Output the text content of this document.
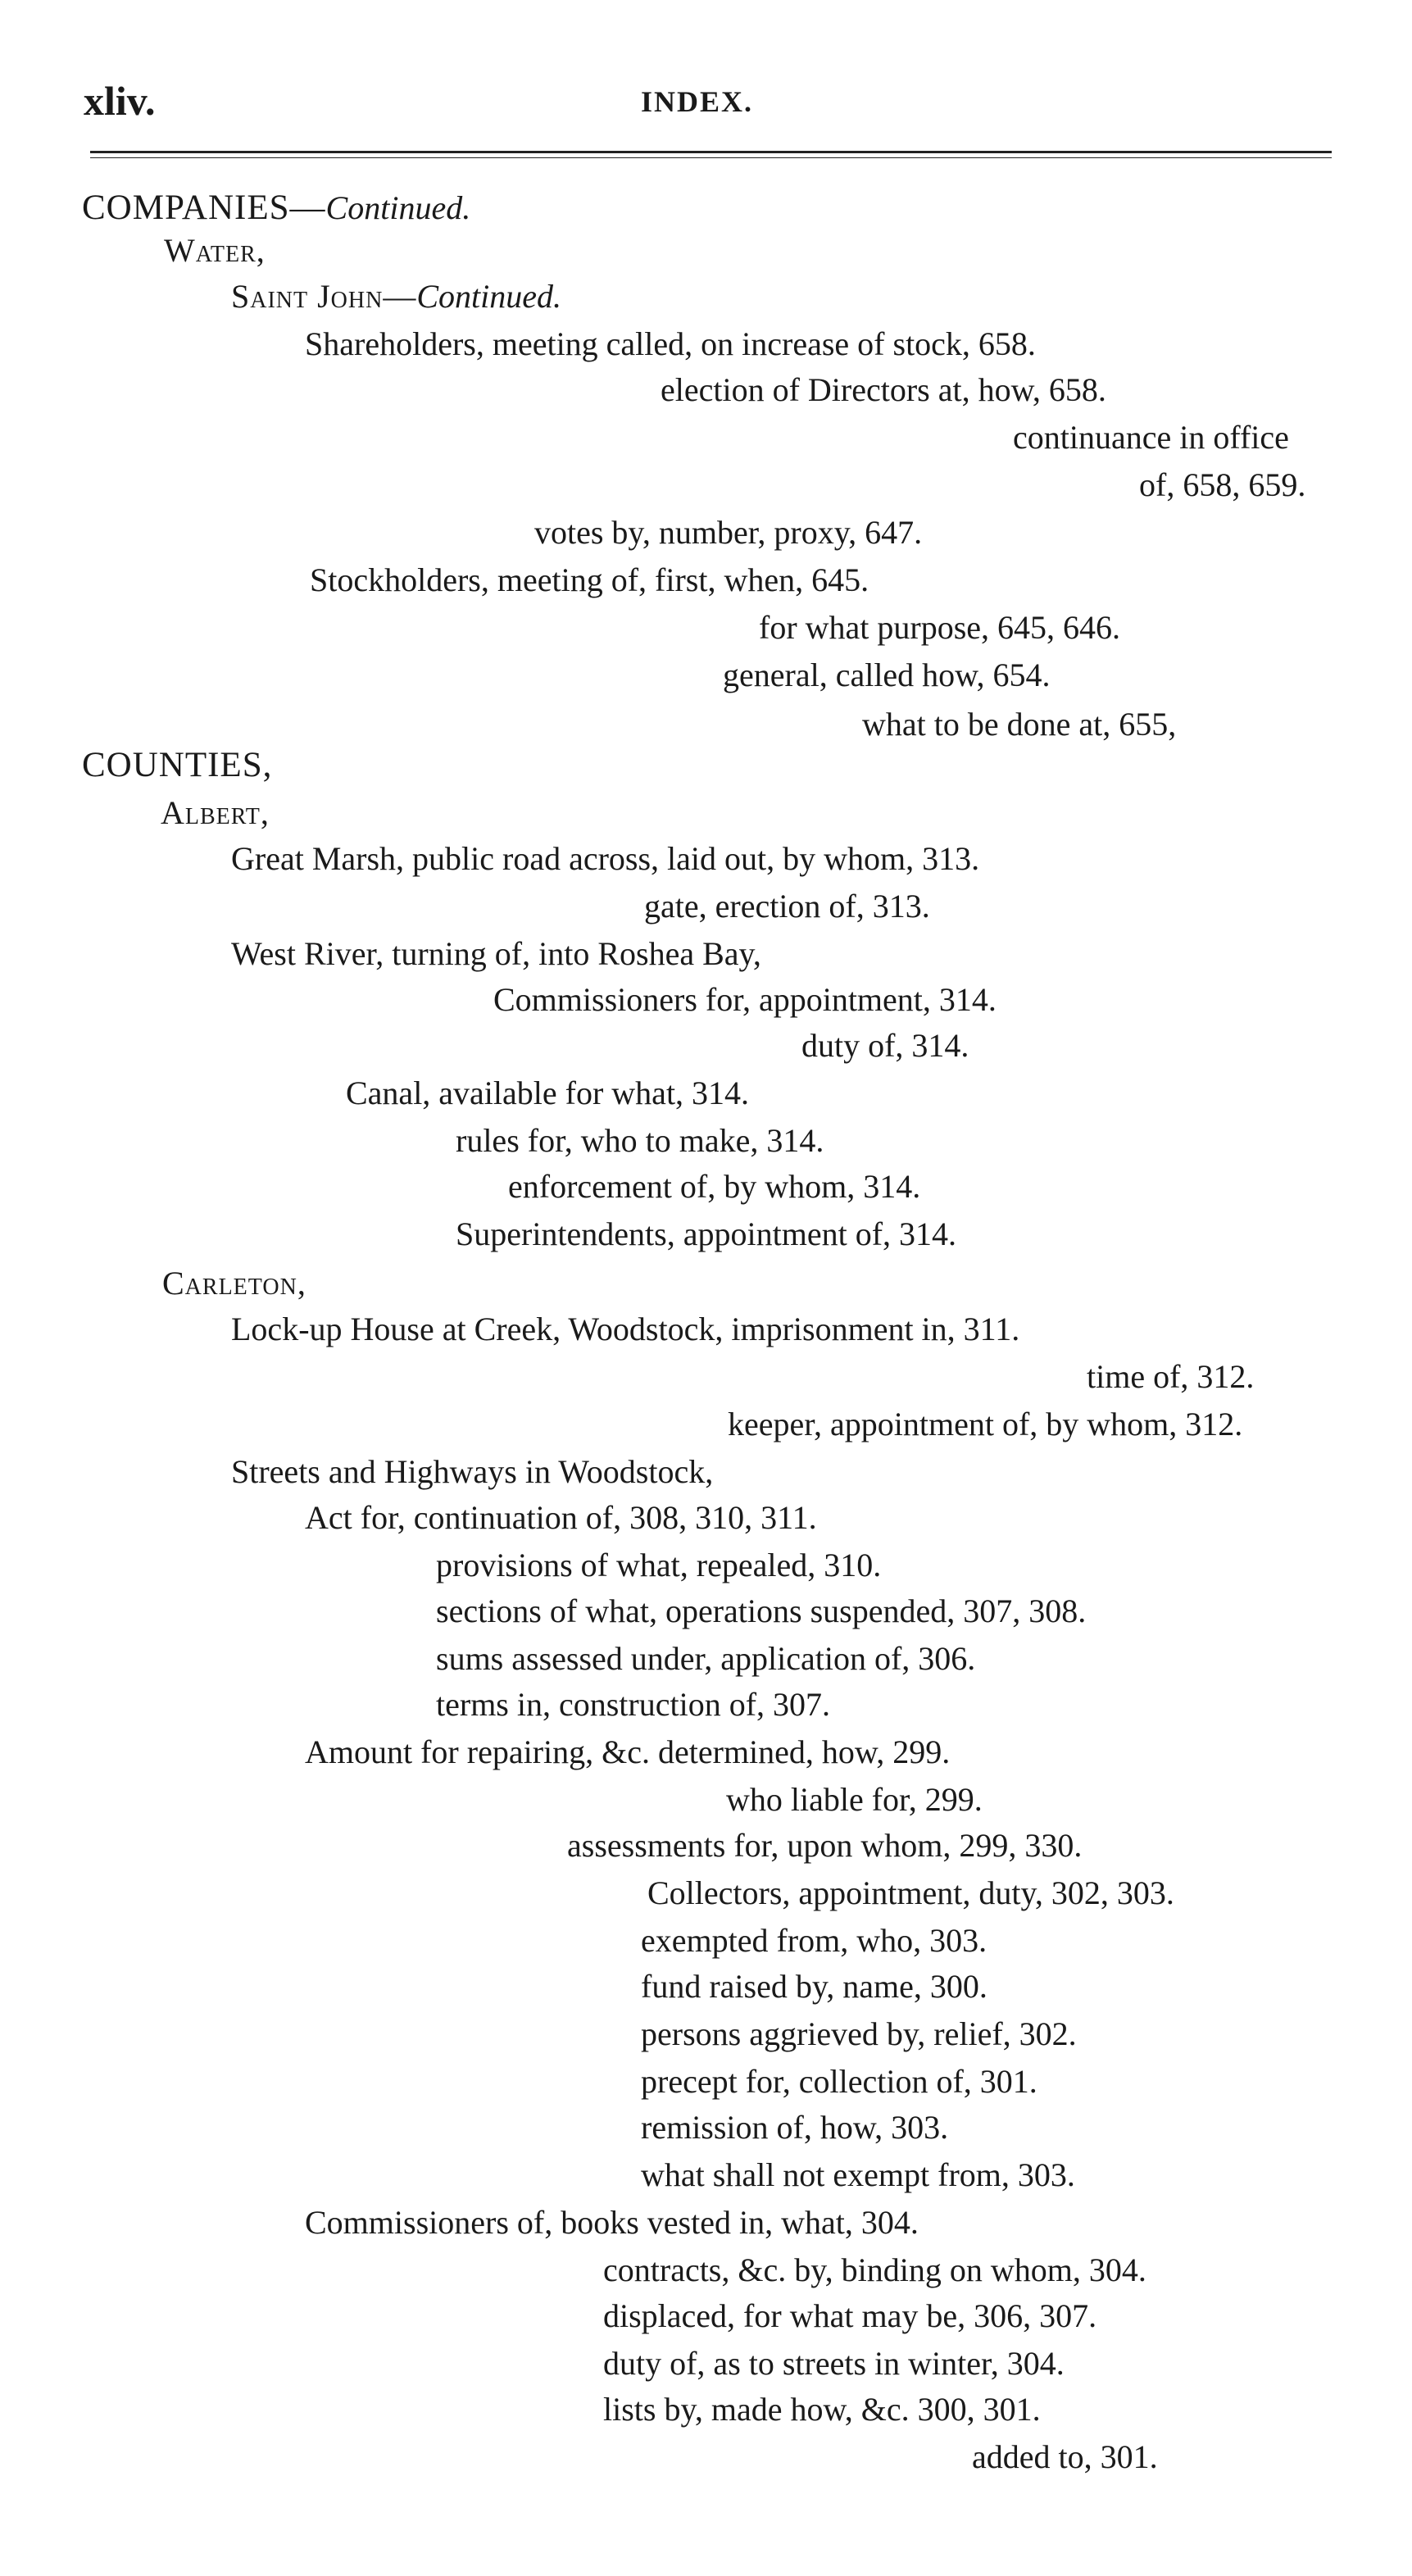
xliv.	INDEX.
COMPANIES—Continued.
Water,
Saint John—Continued.
Shareholders, meeting called, on increase of stock, 658.
election of Directors at, how, 658.
continuance in office
of, 658, 659.
votes by, number, proxy, 647.
Stockholders, meeting of, first, when, 645.
for what purpose, 645, 646.
general, called how, 654.
what to be done at, 655,
COUNTIES,
Albert,
Great Marsh, public road across, laid out, by whom, 313.
gate, erection of, 313.
West River, turning of, into Roshea Bay,
Commissioners for, appointment, 314.
duty of, 314.
Canal, available for what, 314.
rules for, who to make, 314.
enforcement of, by whom, 314.
Superintendents, appointment of, 314.
Carleton,
Lock-up House at Creek, Woodstock, imprisonment in, 311.
time of, 312.
keeper, appointment of, by whom, 312.
Streets and Highways in Woodstock,
Act for, continuation of, 308, 310, 311.
provisions of what, repealed, 310.
sections of what, operations suspended, 307, 308.
sums assessed under, application of, 306.
terms in, construction of, 307.
Amount for repairing, &c. determined, how, 299.
who liable for, 299.
assessments for, upon whom, 299, 330.
Collectors, appointment, duty, 302, 303.
exempted from, who, 303.
fund raised by, name, 300.
persons aggrieved by, relief, 302.
precept for, collection of, 301.
remission of, how, 303.
what shall not exempt from, 303.
Commissioners of, books vested in, what, 304.
contracts, &c. by, binding on whom, 304.
displaced, for what may be, 306, 307.
duty of, as to streets in winter, 304.
lists by, made how, &c. 300, 301.
added to, 301.
